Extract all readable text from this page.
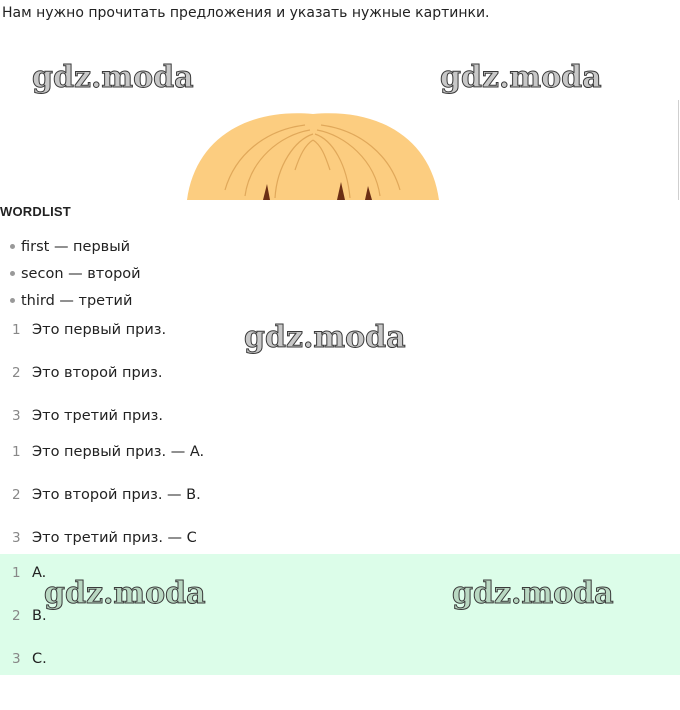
Нам нужно прочитать предложения и указать нужные картинки.
gdz.moda	gdz.moda
WORDLIST
first — первый
secon — второй
third — третий
1 Это первый приз.
2 Это второй приз.
3 Это третий приз.
gdz.moda
1 Это первый приз. — A.
2 Это второй приз. — B.
3 Это третий приз. — C
1 A.
2 B.
3 C.
gdz.moda	gdz.moda
